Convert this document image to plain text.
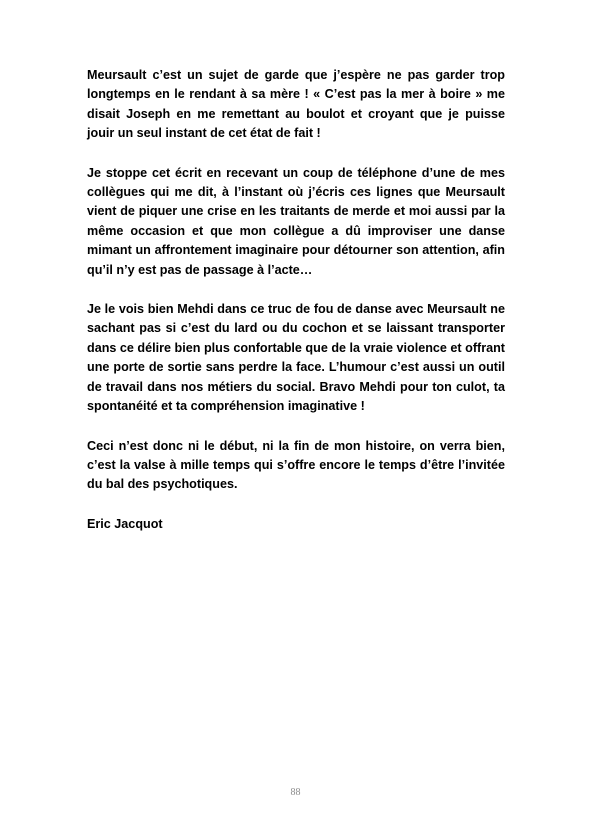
Meursault c’est un sujet de garde que j’espère ne pas garder trop longtemps en le rendant à sa mère ! « C’est pas la mer à boire » me disait Joseph en me remettant au boulot et croyant que je puisse jouir un seul instant de cet état de fait !

Je stoppe cet écrit en recevant un coup de téléphone d’une de mes collègues qui me dit, à l’instant où j’écris ces lignes que Meursault vient de piquer une crise en les traitants de merde et moi aussi par la même occasion et que mon collègue a dû improviser une danse mimant un affrontement imaginaire pour détourner son attention, afin qu’il n’y est pas de passage à l’acte…

Je le vois bien Mehdi dans ce truc de fou de danse avec Meursault ne sachant pas si c’est du lard ou du cochon et se laissant transporter dans ce délire bien plus confortable que de la vraie violence et offrant une porte de sortie sans perdre la face. L’humour c’est aussi un outil de travail dans nos métiers du social. Bravo Mehdi pour ton culot, ta spontanéité et ta compréhension imaginative !

Ceci n’est donc ni le début, ni la fin de mon histoire, on verra bien, c’est la valse à mille temps qui s’offre encore le temps d’être l’invitée du bal des psychotiques.

Eric Jacquot

88
